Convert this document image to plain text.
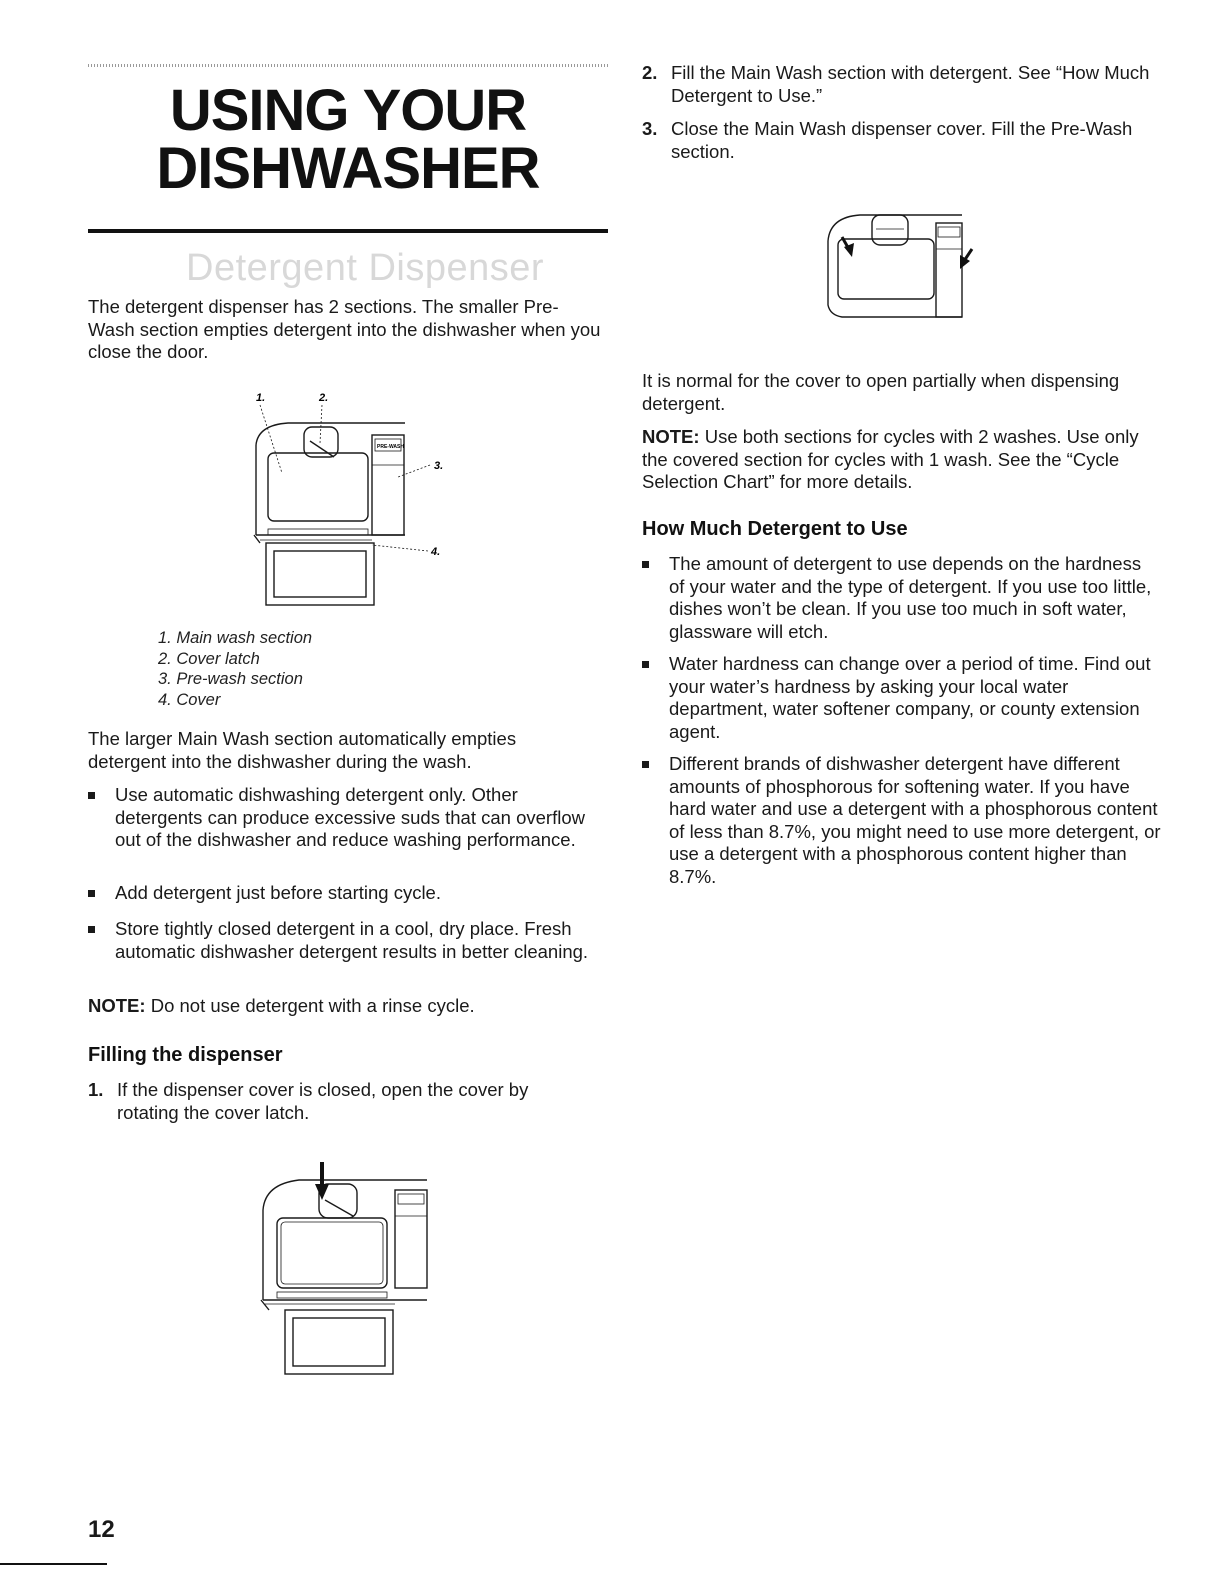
USING YOUR
DISHWASHER
Detergent Dispenser
The detergent dispenser has 2 sections. The smaller Pre-Wash section empties detergent into the dishwasher when you close the door.
1.	2.
3.
4.
PRE-WASH
1. Main wash section
2. Cover latch
3. Pre-wash section
4. Cover
The larger Main Wash section automatically empties detergent into the dishwasher during the wash.
Use automatic dishwashing detergent only. Other detergents can produce excessive suds that can overflow out of the dishwasher and reduce washing performance.
Add detergent just before starting cycle.
Store tightly closed detergent in a cool, dry place. Fresh automatic dishwasher detergent results in better cleaning.
NOTE: Do not use detergent with a rinse cycle.
Filling the dispenser
1. If the dispenser cover is closed, open the cover by rotating the cover latch.
12
2. Fill the Main Wash section with detergent. See “How Much Detergent to Use.”
3. Close the Main Wash dispenser cover. Fill the Pre-Wash section.
It is normal for the cover to open partially when dispensing detergent.
NOTE: Use both sections for cycles with 2 washes. Use only the covered section for cycles with 1 wash. See the “Cycle Selection Chart” for more details.
How Much Detergent to Use
The amount of detergent to use depends on the hardness of your water and the type of detergent. If you use too little, dishes won’t be clean. If you use too much in soft water, glassware will etch.
Water hardness can change over a period of time. Find out your water’s hardness by asking your local water department, water softener company, or county extension agent.
Different brands of dishwasher detergent have different amounts of phosphorous for softening water. If you have hard water and use a detergent with a phosphorous content of less than 8.7%, you might need to use more detergent, or use a detergent with a phosphorous content higher than 8.7%.
